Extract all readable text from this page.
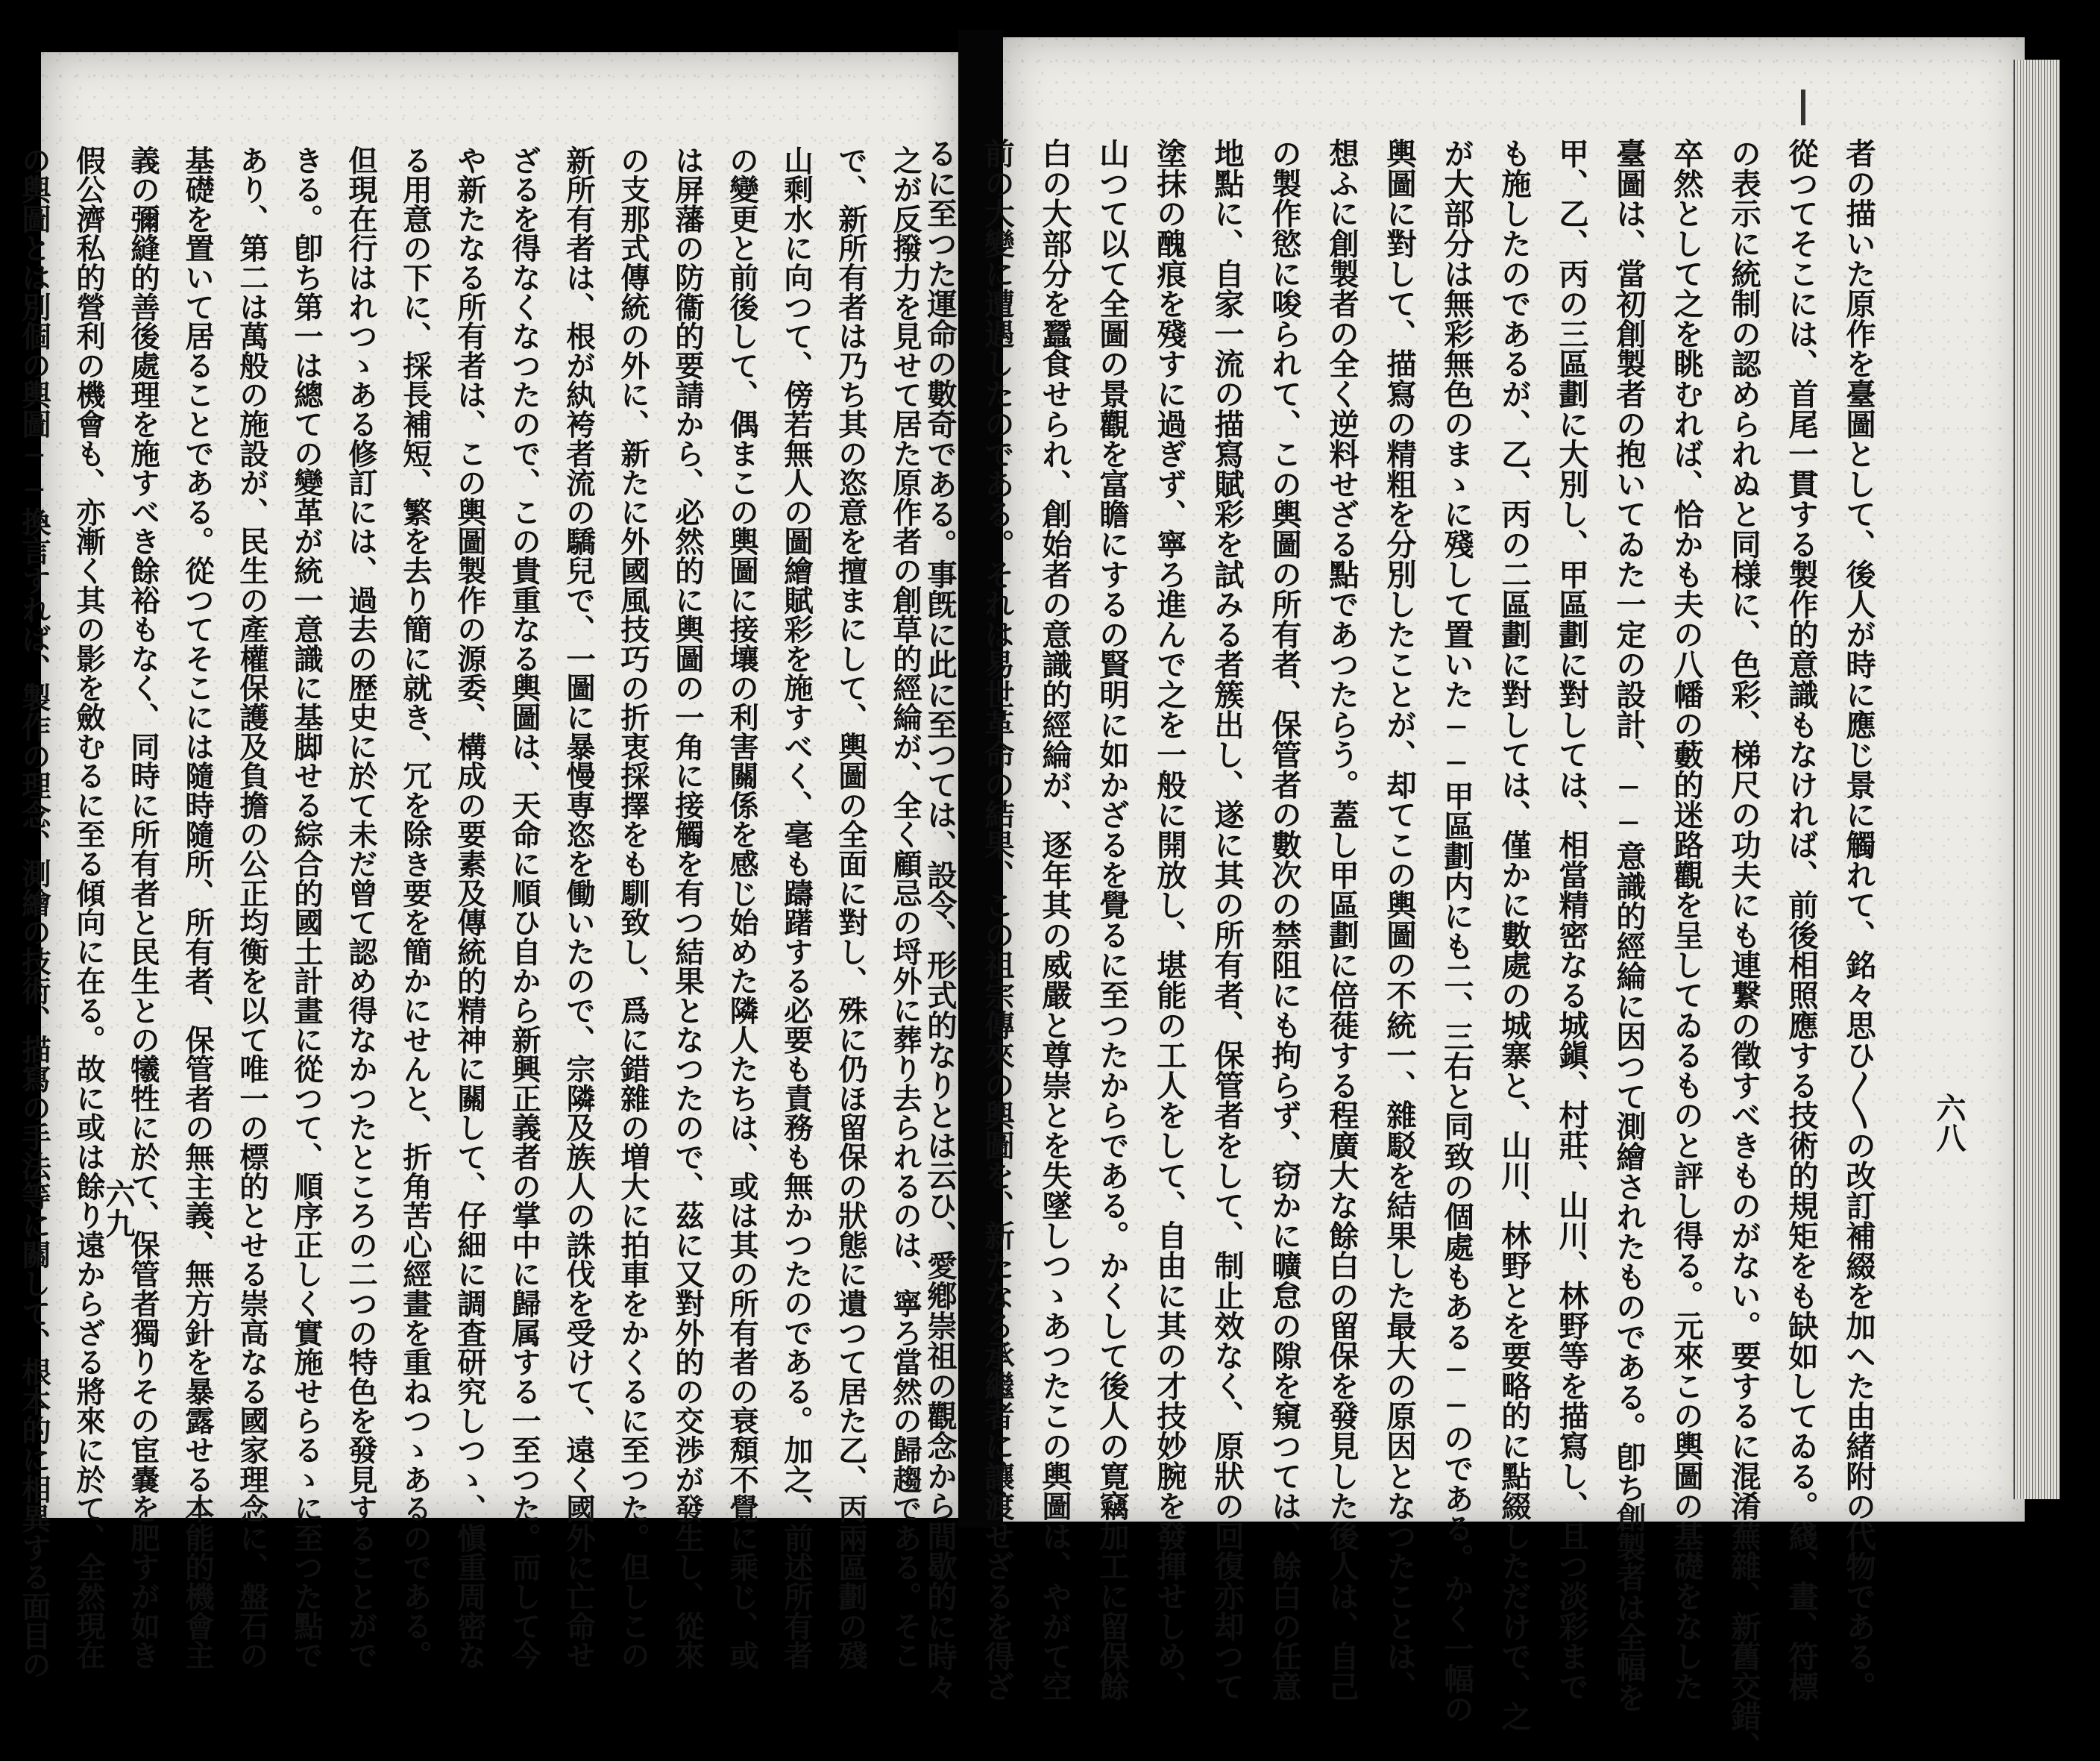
之が反撥力を見せて居た原作者の創草的經綸が、全く顧忌の埒外に葬り去られるのは、寧ろ當然の歸趨である。そこ
で、新所有者は乃ち其の恣意を擅まにして、輿圖の全面に對し、殊に仍ほ留保の狀態に遺つて居た乙、丙兩區劃の殘
山剩水に向つて、傍若無人の圖繪賦彩を施すべく、毫も躊躇する必要も責務も無かつたのである。加之、前述所有者
の變更と前後して、偶まこの輿圖に接壤の利害關係を感じ始めた隣人たちは、或は其の所有者の衰頽不覺に乘じ、或
は屏藩の防衞的要請から、必然的に輿圖の一角に接觸を有つ結果となつたので、茲に又對外的の交渉が發生し、從來
の支那式傳統の外に、新たに外國風技巧の折衷採擇をも馴致し、爲に錯雜の増大に拍車をかくるに至つた。但しこの
新所有者は、根が紈袴者流の驕兒で、一圖に暴慢専恣を働いたので、宗隣及族人の誅伐を受けて、遠く國外に亡命せ
ざるを得なくなつたので、この貴重なる輿圖は、天命に順ひ自から新興正義者の掌中に歸属する一至つた。而して今
や新たなる所有者は、この輿圖製作の源委、構成の要素及傳統的精神に關して、仔細に調査研究しつゝ、愼重周密な
る用意の下に、採長補短、繁を去り簡に就き、冗を除き要を簡かにせんと、折角苦心經畫を重ねつゝあるのである。
但現在行はれつゝある修訂には、過去の歴史に於て未だ曾て認め得なかつたところの二つの特色を發見することがで
きる。卽ち第一は總ての變革が統一意識に基脚せる綜合的國土計畫に從つて、順序正しく實施せらるゝに至つた點で
あり、第二は萬般の施設が、民生の產權保護及負擔の公正均衡を以て唯一の標的とせる崇高なる國家理念に、盤石の
基礎を置いて居ることである。從つてそこには隨時隨所、所有者、保管者の無主義、無方針を暴露せる本能的機會主
義の彌縫的善後處理を施すべき餘裕もなく、同時に所有者と民生との犧牲に於て、保管者獨りその宦嚢を肥すが如き
假公濟私的營利の機會も、亦漸く其の影を斂むるに至る傾向に在る。故に或は餘り遠からざる將來に於て、全然現在
の輿圖とは別個の輿圖──換言すれば、製作の理念、測繪の技術、描寫の手法等に關して、根本的に相異する面目の	者の描いた原作を臺圖として、後人が時に應じ景に觸れて、銘々思ひ〳〵の改訂補綴を加へた由緒附の代物である。
從つてそこには、首尾一貫する製作的意識もなければ、前後相照應する技術的規矩をも缺如してゐる。綫、畫、符標
の表示に統制の認められぬと同様に、色彩、梯尺の功夫にも連繋の徵すべきものがない。要するに混淆蕪雜、新舊交錯、
卒然として之を眺むれば、恰かも夫の八幡の藪的迷路觀を呈してゐるものと評し得る。元來この輿圖の基礎をなした
臺圖は、當初創製者の抱いてゐた一定の設計、──意識的經綸に因つて測繪されたものである。卽ち創製者は全幅を
甲、乙、丙の三區劃に大別し、甲區劃に對しては、相當精密なる城鎭、村莊、山川、林野等を描寫し、且つ淡彩まで
も施したのであるが、乙、丙の二區劃に對しては、僅かに數處の城寨と、山川、林野とを要略的に點綴しただけで、之
が大部分は無彩無色のまゝに殘して置いた──甲區劃内にも二、三右と同致の個處もある──のである。かく一幅の
輿圖に對して、描寫の精粗を分別したことが、却てこの輿圖の不統一、雜駁を結果した最大の原因となつたことは、
想ふに創製者の全く逆料せざる點であつたらう。蓋し甲區劃に倍蓰する程廣大な餘白の留保を發見した後人は、自己
の製作慾に唆られて、この輿圖の所有者、保管者の數次の禁阻にも拘らず、窃かに曠怠の隙を窺つては、餘白の任意
地點に、自家一流の描寫賦彩を試みる者簇出し、遂に其の所有者、保管者をして、制止效なく、原狀の回復亦却つて
塗抹の醜痕を殘すに過ぎず、寧ろ進んで之を一般に開放し、堪能の工人をして、自由に其の才技妙腕を發揮せしめ、
山つて以て全圖の景觀を富瞻にするの賢明に如かざるを覺るに至つたからである。かくして後人の寛竊加工に留保餘
白の大部分を蠶食せられ、創始者の意識的經綸が、逐年其の威嚴と尊崇とを失墜しつゝあつたこの輿圖は、やがて空
前の大變に遭遇したのである。それは易世革命の結果、この祖宗傳來の輿圖を、新たなる承繼者に讓渡せざるを得ざ
るに至つた運命の數奇である。事旣に此に至つては、設令、形式的なりとは云ひ、愛鄕崇祖の觀念から間歇的に時々
六九
六八
